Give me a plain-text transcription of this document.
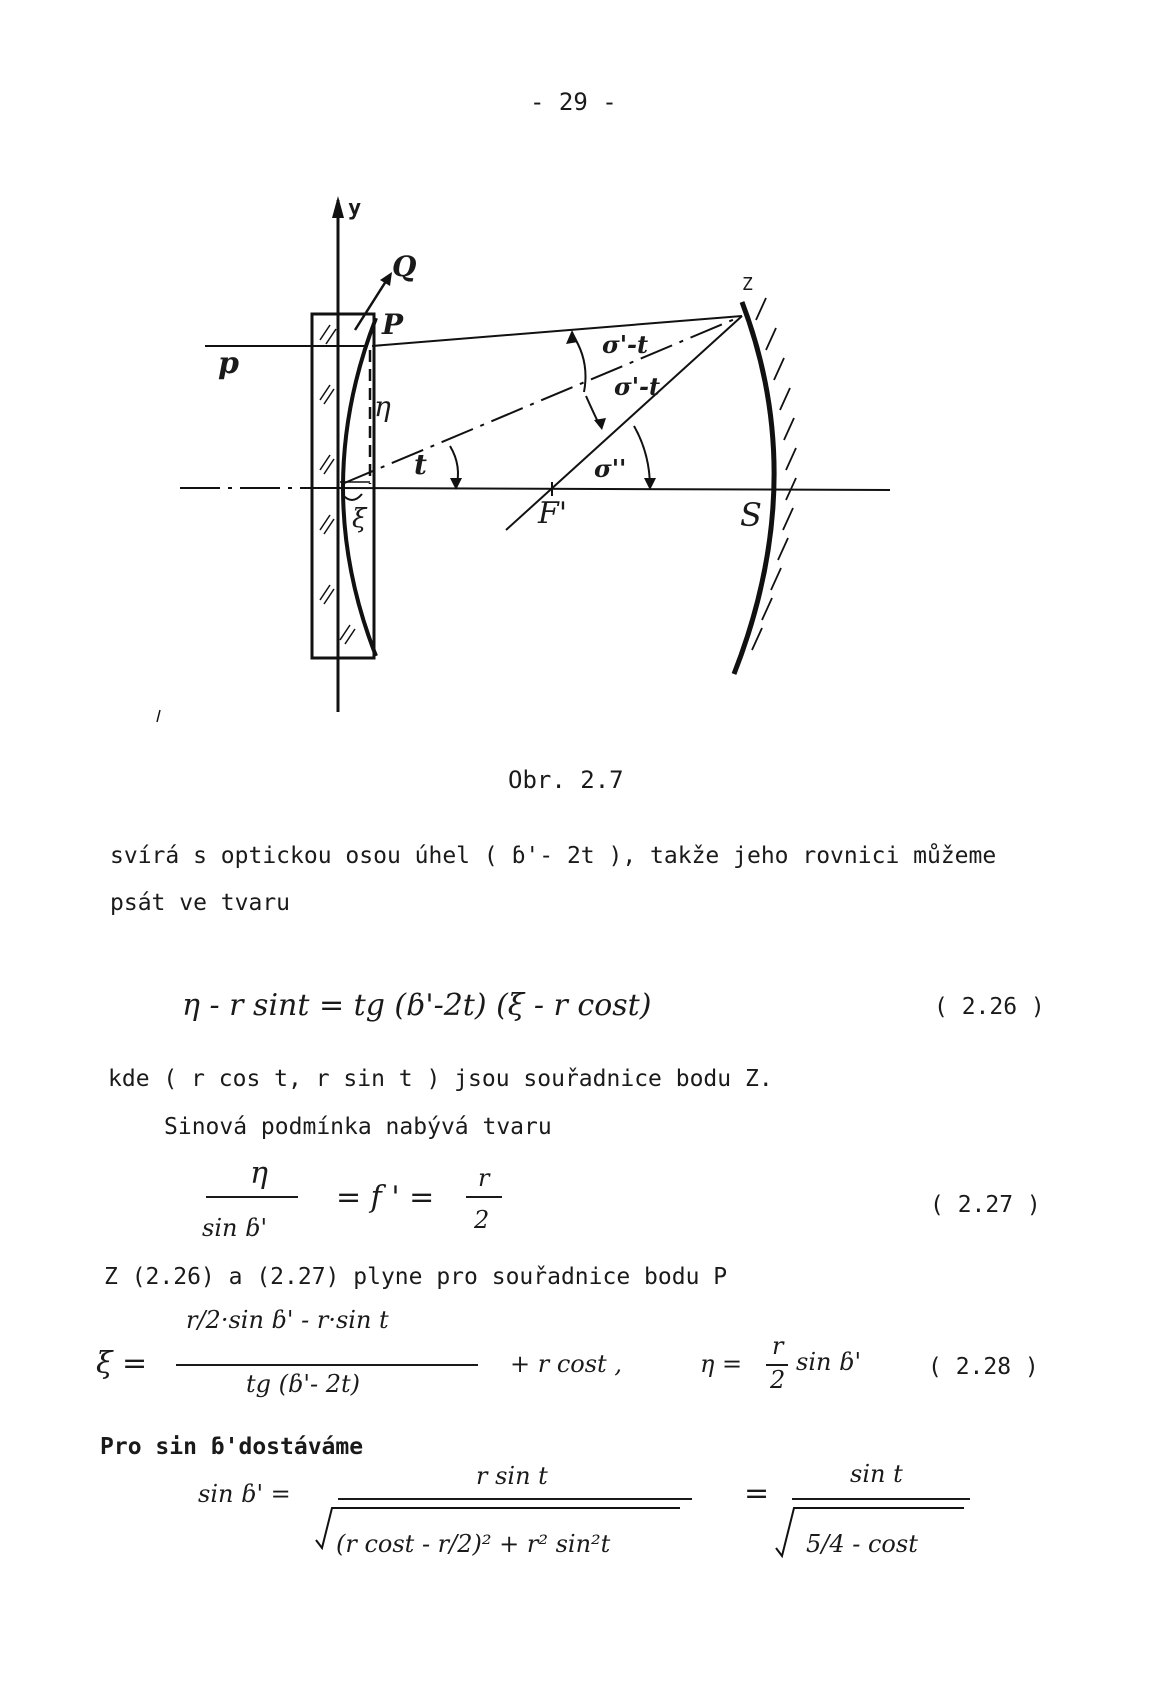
- 29 -
y
Q
P
p
η
t
ξ	F'	S
Z
σ'-t
σ'-t
σ''
Obr. 2.7
svírá s optickou osou úhel ( ɓ'- 2t ), takže jeho rovnici můžeme
psát ve tvaru
η - r sint = tg (ɓ'-2t) (ξ - r cost)	( 2.26 )
kde ( r cos t, r sin t ) jsou souřadnice bodu Z.
Sinová podmínka nabývá tvaru
η
sin ɓ'
= f ' =
r
2
( 2.27 )
Z (2.26) a (2.27) plyne pro souřadnice bodu P
ξ =
r/2·sin ɓ' - r·sin t
tg (ɓ'- 2t)
+ r cost ,	η =
r
2
sin ɓ'	( 2.28 )
Pro sin ɓ'dostáváme
sin ɓ' =
r sin t
(r cost - r/2)² + r² sin²t
=
sin t
5/4 - cost
